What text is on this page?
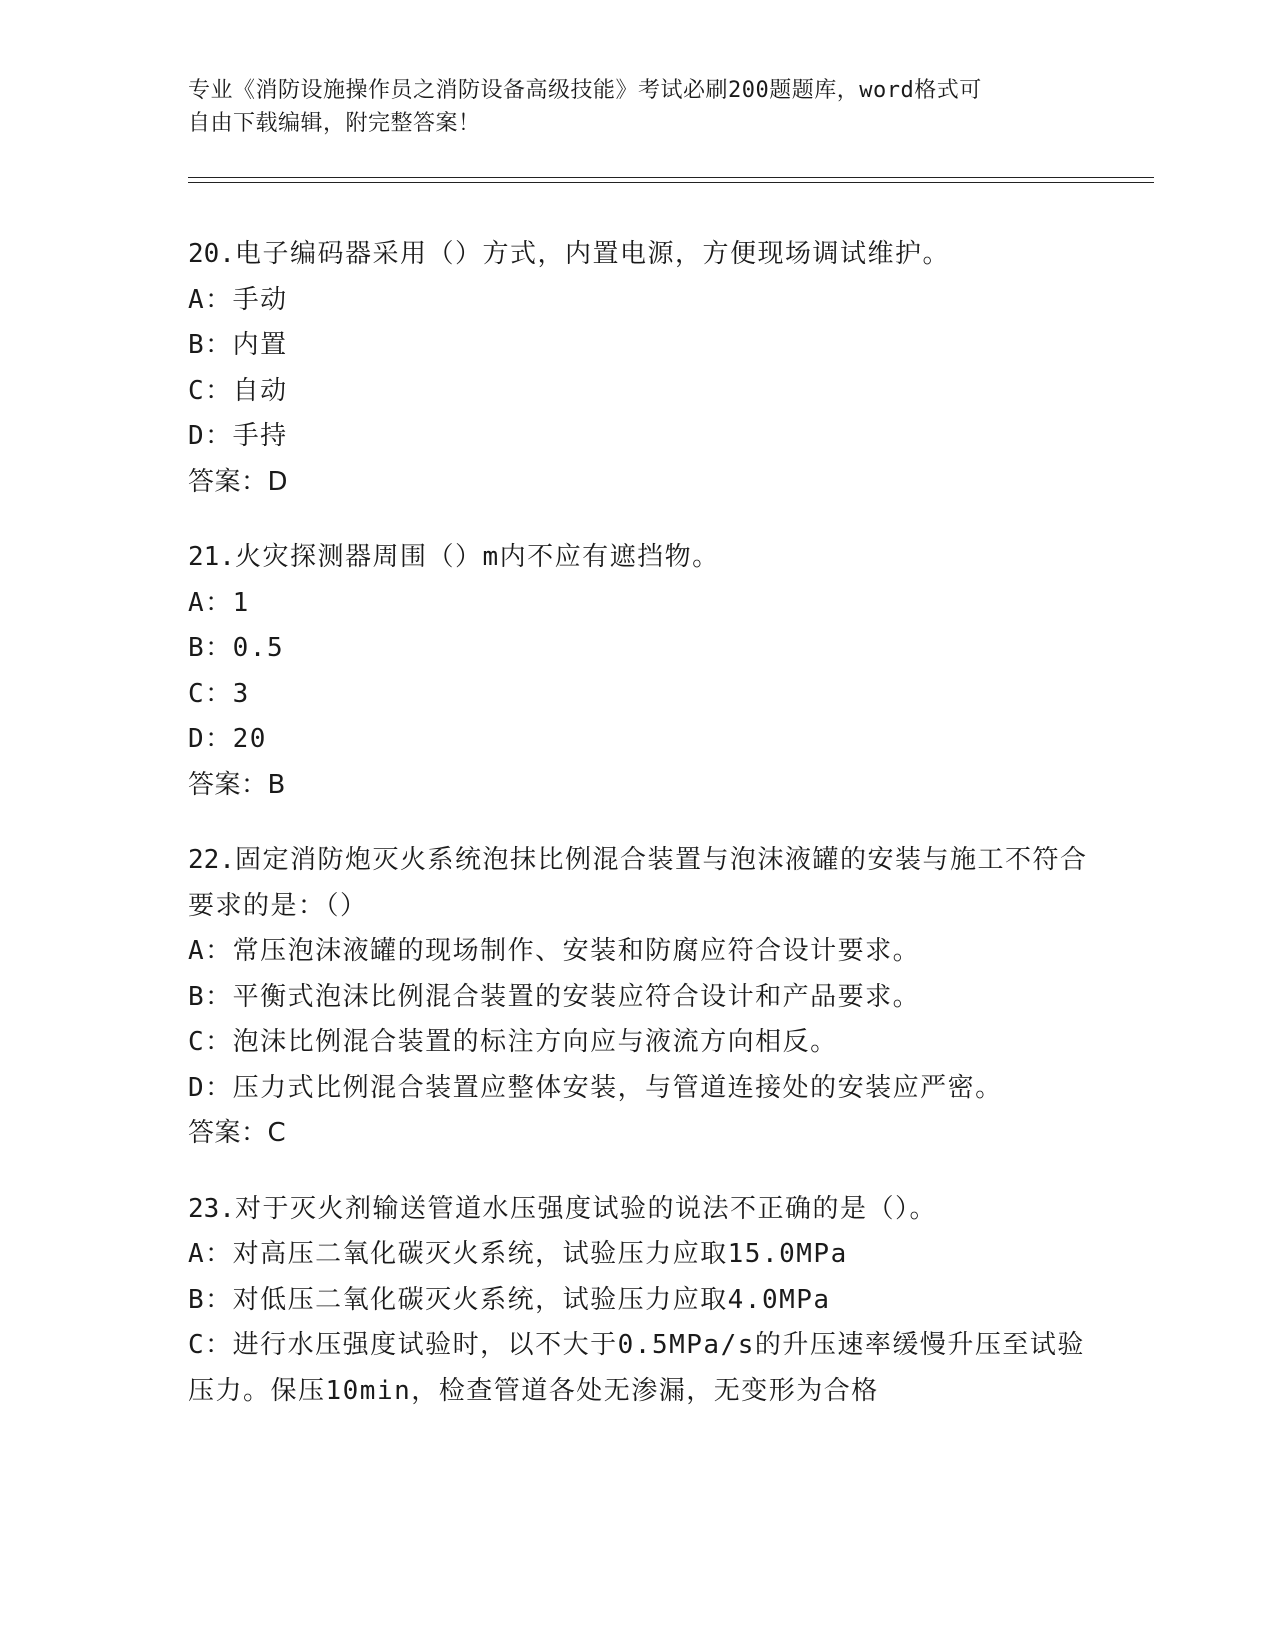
专业《消防设施操作员之消防设备高级技能》考试必刷200题题库，word格式可
自由下载编辑，附完整答案！

20.电子编码器采用（）方式，内置电源，方便现场调试维护。

A：手动

B：内置

C：自动

D：手持

答案：D

21.火灾探测器周围（）m内不应有遮挡物。

A：1

B：0.5

C：3

D：20

答案：B

22.固定消防炮灭火系统泡抹比例混合装置与泡沫液罐的安装与施工不符合要求的是：（）

A：常压泡沫液罐的现场制作、安装和防腐应符合设计要求。

B：平衡式泡沫比例混合装置的安装应符合设计和产品要求。

C：泡沫比例混合装置的标注方向应与液流方向相反。

D：压力式比例混合装置应整体安装，与管道连接处的安装应严密。

答案：C

23.对于灭火剂输送管道水压强度试验的说法不正确的是（）。

A：对高压二氧化碳灭火系统，试验压力应取15.0MPa

B：对低压二氧化碳灭火系统，试验压力应取4.0MPa

C：进行水压强度试验时，以不大于0.5MPa/s的升压速率缓慢升压至试验压力。保压10min，检查管道各处无渗漏，无变形为合格
